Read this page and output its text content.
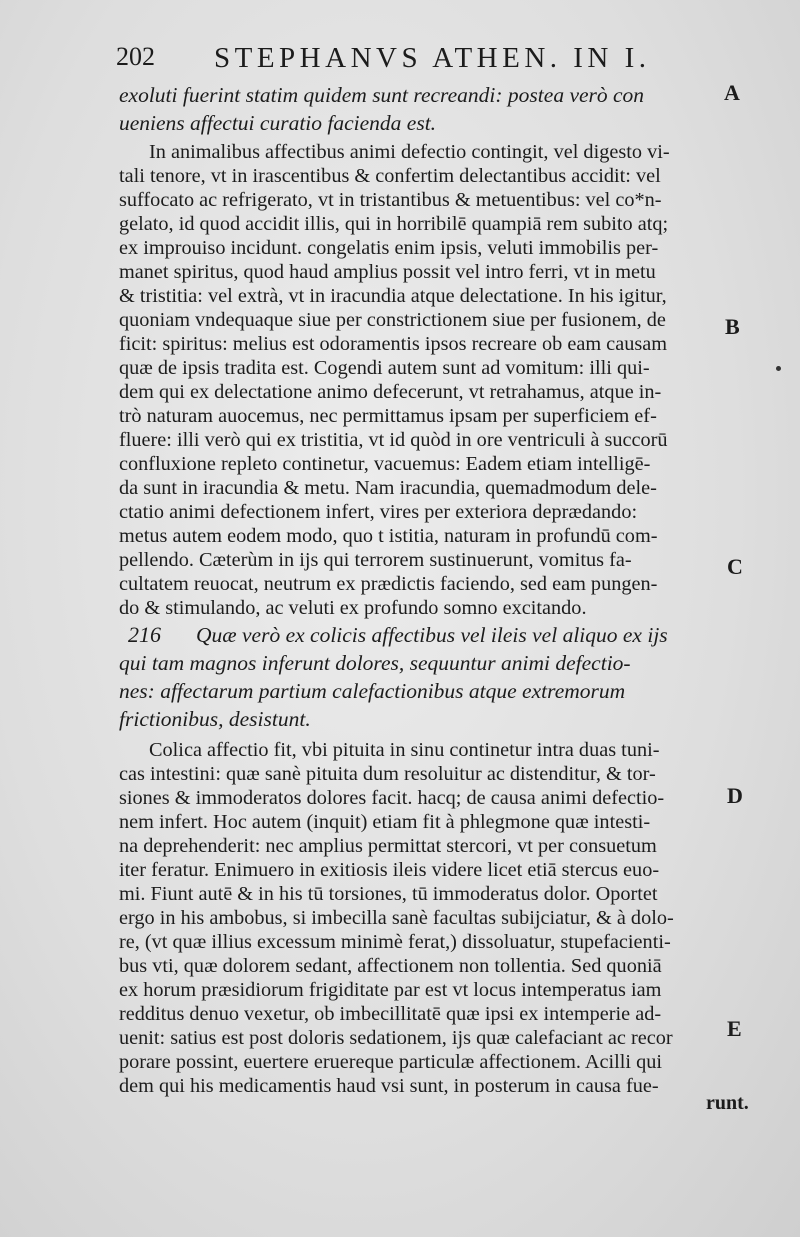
202 STEPHANVS ATHEN. IN I.
exoluti fuerint statim quidem sunt recreandi: postea verò con
ueniens affectui curatio facienda est.
In animalibus affectibus animi defectio contingit, vel digesto vi-
tali tenore, vt in irascentibus & confertim delectantibus accidit: vel
suffocato ac refrigerato, vt in tristantibus & metuentibus: vel co*n-
gelato, id quod accidit illis, qui in horribilē quampiā rem subito atq;
ex improuiso incidunt. congelatis enim ipsis, veluti immobilis per-
manet spiritus, quod haud amplius possit vel intro ferri, vt in metu
& tristitia: vel extrà, vt in iracundia atque delectatione. In his igitur,
quoniam vndequaque siue per constrictionem siue per fusionem, de
ficit: spiritus: melius est odoramentis ipsos recreare ob eam causam
quæ de ipsis tradita est. Cogendi autem sunt ad vomitum: illi qui-
dem qui ex delectatione animo defecerunt, vt retrahamus, atque in-
trò naturam auocemus, nec permittamus ipsam per superficiem ef-
fluere: illi verò qui ex tristitia, vt id quòd in ore ventriculi à succorū
confluxione repleto continetur, vacuemus: Eadem etiam intelligē-
da sunt in iracundia & metu. Nam iracundia, quemadmodum dele-
ctatio animi defectionem infert, vires per exteriora deprædando:
metus autem eodem modo, quo t istitia, naturam in profundū com-
pellendo. Cæterùm in ijs qui terrorem sustinuerunt, vomitus fa-
cultatem reuocat, neutrum ex prædictis faciendo, sed eam pungen-
do & stimulando, ac veluti ex profundo somno excitando.
216 Quæ verò ex colicis affectibus vel ileis vel aliquo ex ijs
qui tam magnos inferunt dolores, sequuntur animi defectio-
nes: affectarum partium calefactionibus atque extremorum
frictionibus, desistunt.
Colica affectio fit, vbi pituita in sinu continetur intra duas tuni-
cas intestini: quæ sanè pituita dum resoluitur ac distenditur, & tor-
siones & immoderatos dolores facit. hacq; de causa animi defectio-
nem infert. Hoc autem (inquit) etiam fit à phlegmone quæ intesti-
na deprehenderit: nec amplius permittat stercori, vt per consuetum
iter feratur. Enimuero in exitiosis ileis videre licet etiā stercus euo-
mi. Fiunt autē & in his tū torsiones, tū immoderatus dolor. Oportet
ergo in his ambobus, si imbecilla sanè facultas subijciatur, & à dolo-
re, (vt quæ illius excessum minimè ferat,) dissoluatur, stupefacienti-
bus vti, quæ dolorem sedant, affectionem non tollentia. Sed quoniā
ex horum præsidiorum frigiditate par est vt locus intemperatus iam
redditus denuo vexetur, ob imbecillitatē quæ ipsi ex intemperie ad-
uenit: satius est post doloris sedationem, ijs quæ calefaciant ac recor
porare possint, euertere eruereque particulæ affectionem. Acilli qui
dem qui his medicamentis haud vsi sunt, in posterum in causa fue-
runt.
A
B
C
D
E
